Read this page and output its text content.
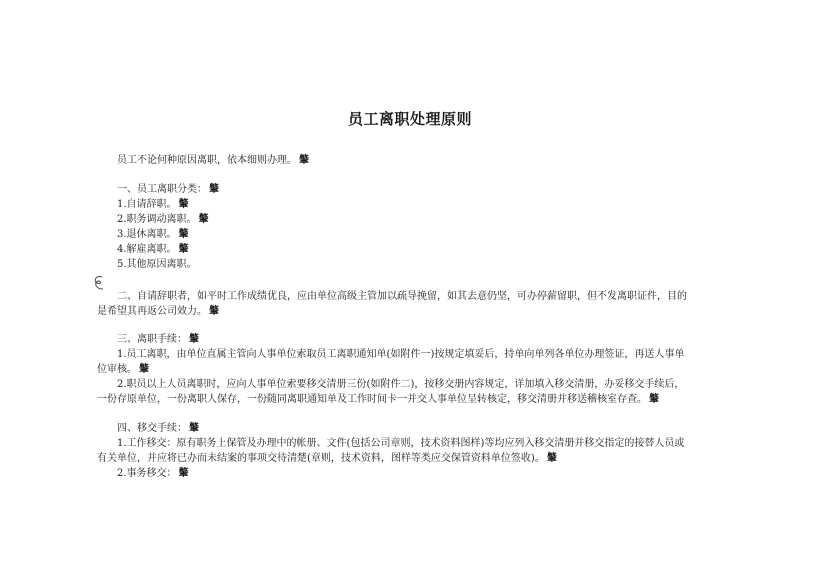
员工离职处理原则

员工不论何种原因离职，依本细则办理。 𦘦

一、员工离职分类： 𦘦

1.自请辞职。 𦘦

2.职务调动离职。 𦘦

3.退休离职。 𦘦

4.解雇离职。 𦘦

5.其他原因离职。

二、自请辞职者，如平时工作成绩优良，应由单位高级主管加以疏导挽留，如其去意仍坚，可办停薪留职，但不发离职证件，目的

是希望其再返公司效力。 𦘦

三、离职手续： 𦘦

1.员工离职，由单位直属主管向人事单位索取员工离职通知单(如附件一)按规定填妥后，持单向单列各单位办理签证，再送人事单

位审核。 𦘦

2.职员以上人员离职时，应向人事单位索要移交清册三份(如附件二)，按移交册内容规定，详加填入移交清册，办妥移交手续后，

一份存原单位，一份离职人保存，一份随同离职通知单及工作时间卡一并交人事单位呈转核定，移交清册并移送稽核室存查。 𦘦

四、移交手续： 𦘦

1.工作移交：原有职务上保管及办理中的帐册、文件(包括公司章则，技术资料图样)等均应列入移交清册并移交指定的接替人员或

有关单位，并应将已办而未结案的事项交待清楚(章则，技术资料，图样等类应交保管资料单位签收)。 𦘦

2.事务移交： 𦘦
